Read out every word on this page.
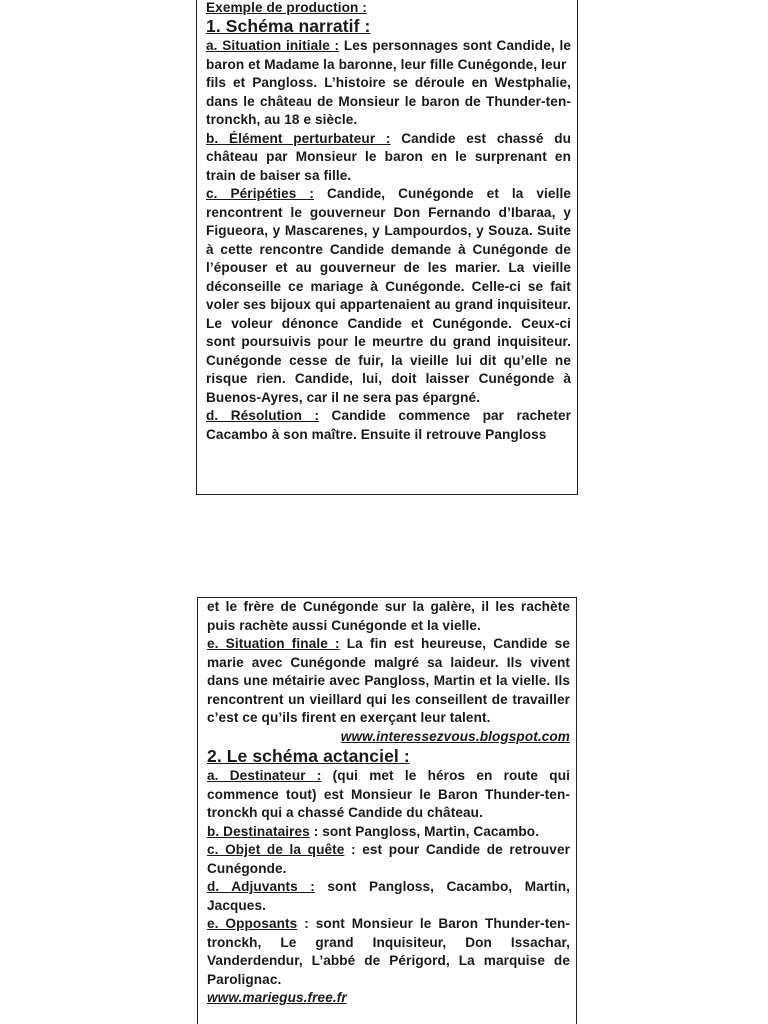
Exemple de production :
1. Schéma narratif :

a. Situation initiale : Les personnages sont Candide, le baron et Madame la baronne, leur fille Cunégonde, leur

fils et Pangloss. L’histoire se déroule en Westphalie, dans le château de Monsieur le baron de Thunder-ten-tronckh, au 18 e siècle.

b. Élément perturbateur : Candide est chassé du château par Monsieur le baron en le surprenant en train de baiser sa fille.

c. Péripéties : Candide, Cunégonde et la vielle rencontrent le gouverneur Don Fernando d’Ibaraa, y Figueora, y Mascarenes, y Lampourdos, y Souza. Suite à cette rencontre Candide demande à Cunégonde de l’épouser et au gouverneur de les marier. La vieille déconseille ce mariage à Cunégonde. Celle-ci se fait voler ses bijoux qui appartenaient au grand inquisiteur. Le voleur dénonce Candide et Cunégonde. Ceux-ci sont poursuivis pour le meurtre du grand inquisiteur. Cunégonde cesse de fuir, la vieille lui dit qu’elle ne risque rien. Candide, lui, doit laisser Cunégonde à Buenos-Ayres, car il ne sera pas épargné.

d. Résolution : Candide commence par racheter Cacambo à son maître. Ensuite il retrouve Pangloss

et le frère de Cunégonde sur la galère, il les rachète puis rachète aussi Cunégonde et la vielle.

e. Situation finale : La fin est heureuse, Candide se marie avec Cunégonde malgré sa laideur. Ils vivent dans une métairie avec Pangloss, Martin et la vielle. Ils rencontrent un vieillard qui les conseillent de travailler c’est ce qu’ils firent en exerçant leur talent.

www.interessezvous.blogspot.com
2. Le schéma actanciel :

a. Destinateur : (qui met le héros en route qui commence tout) est Monsieur le Baron Thunder-ten-tronckh qui a chassé Candide du château.

b. Destinataires : sont Pangloss, Martin, Cacambo.

c. Objet de la quête : est pour Candide de retrouver Cunégonde.

d. Adjuvants : sont Pangloss, Cacambo, Martin, Jacques.

e. Opposants : sont Monsieur le Baron Thunder-ten-tronckh, Le grand Inquisiteur, Don Issachar, Vanderdendur, L’abbé de Périgord, La marquise de Parolignac.

www.mariegus.free.fr
